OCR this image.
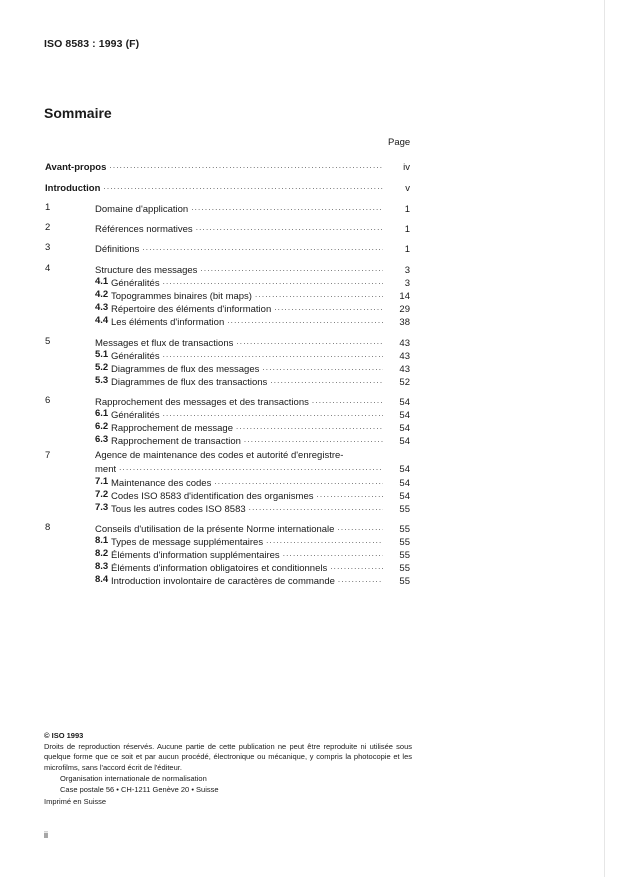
ISO 8583 : 1993 (F)
Sommaire
Page
Avant-propos .....	iv
Introduction .....	v
1	Domaine d'application .....	1
2	Références normatives .....	1
3	Définitions .....	1
4	Structure des messages .....	3
4.1 Généralités .....	3
4.2 Topogrammes binaires (bit maps) .....	14
4.3 Répertoire des éléments d'information .....	29
4.4 Les éléments d'information .....	38
5	Messages et flux de transactions .....	43
5.1 Généralités .....	43
5.2 Diagrammes de flux des messages .....	43
5.3 Diagrammes de flux des transactions .....	52
6	Rapprochement des messages et des transactions .....	54
6.1 Généralités .....	54
6.2 Rapprochement de message .....	54
6.3 Rapprochement de transaction .....	54
7	Agence de maintenance des codes et autorité d'enregistre-
ment .....	54
7.1 Maintenance des codes .....	54
7.2 Codes ISO 8583 d'identification des organismes .....	54
7.3 Tous les autres codes ISO 8583 .....	55
8	Conseils d'utilisation de la présente Norme internationale .....	55
8.1 Types de message supplémentaires .....	55
8.2 Éléments d'information supplémentaires .....	55
8.3 Éléments d'information obligatoires et conditionnels .....	55
8.4 Introduction involontaire de caractères de commande .....	55
© ISO 1993
Droits de reproduction réservés. Aucune partie de cette publication ne peut être reproduite ni utilisée sous quelque forme que ce soit et par aucun procédé, électronique ou mécanique, y compris la photocopie et les microfilms, sans l'accord écrit de l'éditeur.
Organisation internationale de normalisation
Case postale 56 • CH-1211 Genève 20 • Suisse
Imprimé en Suisse
ii
